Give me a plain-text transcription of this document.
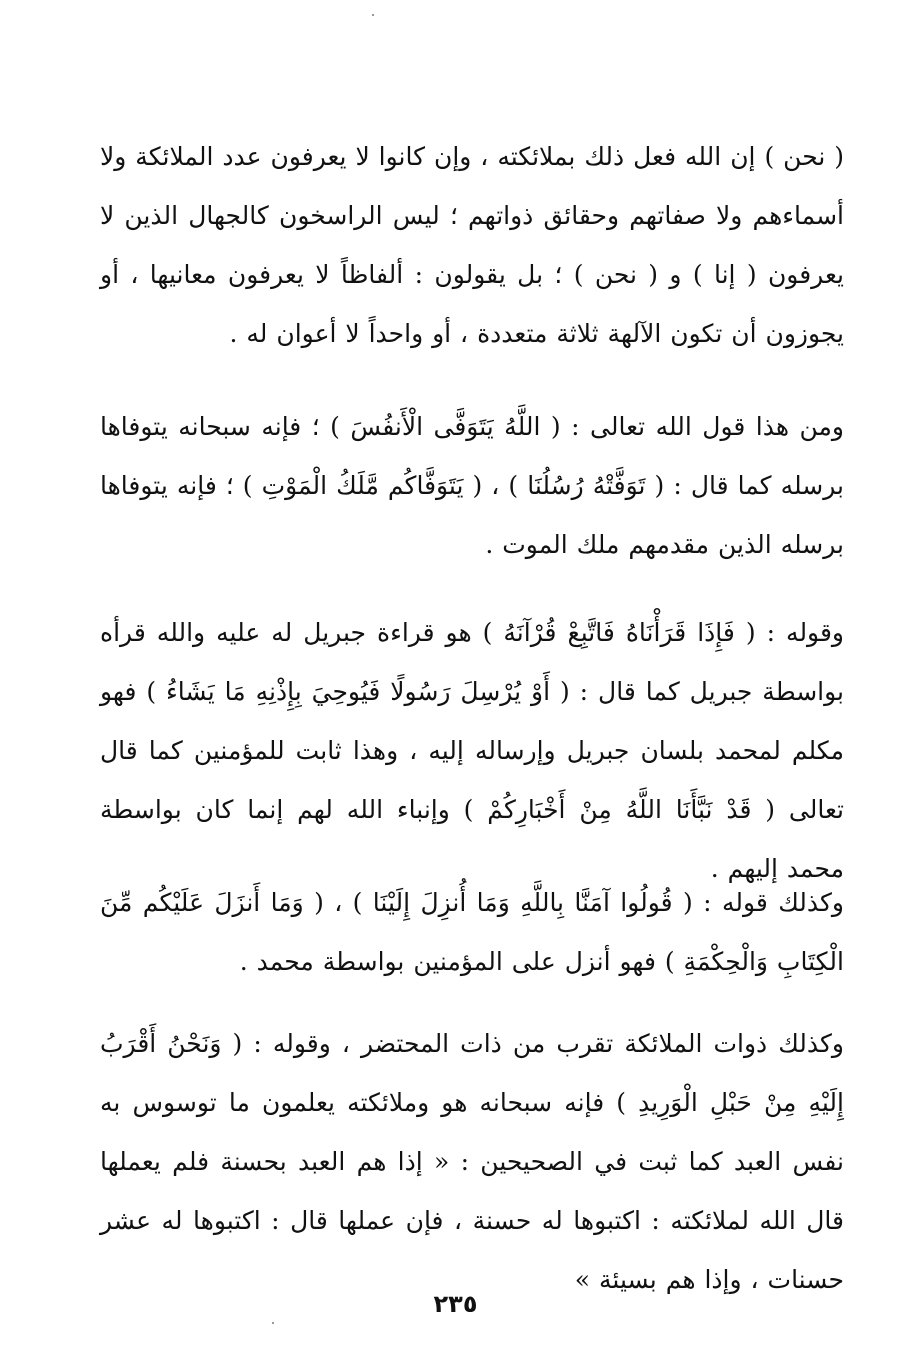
( نحن ) إن الله فعل ذلك بملائكته ، وإن كانوا لا يعرفون عدد الملائكة ولا أسماءهم ولا صفاتهم وحقائق ذواتهم ؛ ليس الراسخون كالجهال الذين لا يعرفون ( إنا ) و ( نحن ) ؛ بل يقولون : ألفاظاً لا يعرفون معانيها ، أو يجوزون أن تكون الآلهة ثلاثة متعددة ، أو واحداً لا أعوان له .

ومن هذا قول الله تعالى : ( اللَّهُ يَتَوَفَّى الْأَنفُسَ ) ؛ فإنه سبحانه يتوفاها برسله كما قال : ( تَوَفَّتْهُ رُسُلُنَا ) ، ( يَتَوَفَّاكُم مَّلَكُ الْمَوْتِ ) ؛ فإنه يتوفاها برسله الذين مقدمهم ملك الموت .

وقوله : ( فَإِذَا قَرَأْنَاهُ فَاتَّبِعْ قُرْآنَهُ ) هو قراءة جبريل له عليه والله قرأه بواسطة جبريل كما قال : ( أَوْ يُرْسِلَ رَسُولًا فَيُوحِيَ بِإِذْنِهِ مَا يَشَاءُ ) فهو مكلم لمحمد بلسان جبريل وإرساله إليه ، وهذا ثابت للمؤمنين كما قال تعالى ( قَدْ نَبَّأَنَا اللَّهُ مِنْ أَخْبَارِكُمْ ) وإنباء الله لهم إنما كان بواسطة محمد إليهم .

وكذلك قوله : ( قُولُوا آمَنَّا بِاللَّهِ وَمَا أُنزِلَ إِلَيْنَا ) ، ( وَمَا أَنزَلَ عَلَيْكُم مِّنَ الْكِتَابِ وَالْحِكْمَةِ ) فهو أنزل على المؤمنين بواسطة محمد .

وكذلك ذوات الملائكة تقرب من ذات المحتضر ، وقوله : ( وَنَحْنُ أَقْرَبُ إِلَيْهِ مِنْ حَبْلِ الْوَرِيدِ ) فإنه سبحانه هو وملائكته يعلمون ما توسوس به نفس العبد كما ثبت في الصحيحين : « إذا هم العبد بحسنة فلم يعملها قال الله لملائكته : اكتبوها له حسنة ، فإن عملها قال : اكتبوها له عشر حسنات ، وإذا هم بسيئة »

٢٣٥
